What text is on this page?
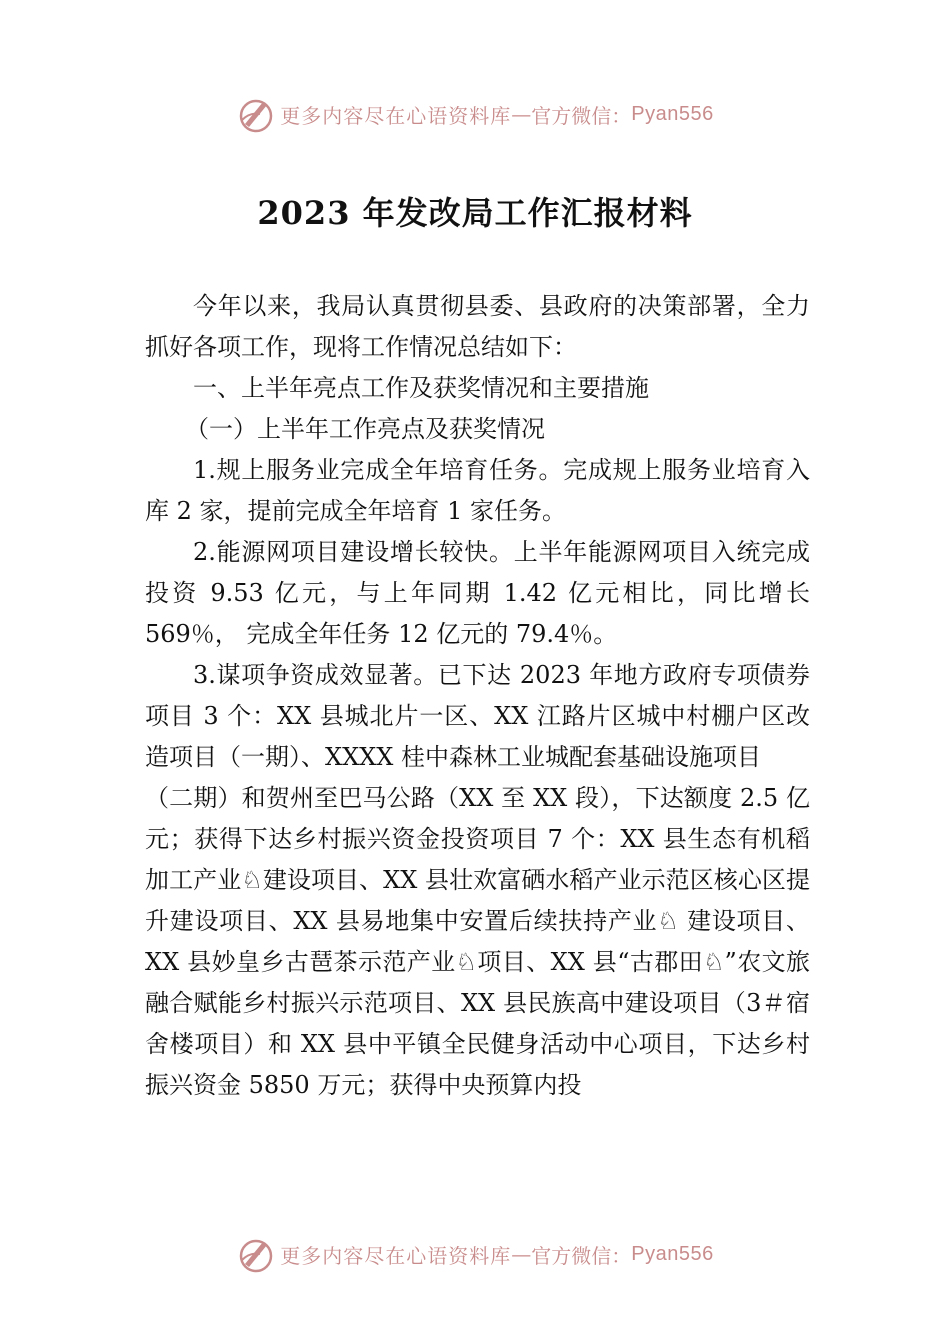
更多内容尽在心语资料库 — 官方微信： Pyan556
2023 年发改局工作汇报材料

今年以来，我局认真贯彻县委、县政府的决策部署，全力抓好各项工作，现将工作情况总结如下：

一、上半年亮点工作及获奖情况和主要措施

（一）上半年工作亮点及获奖情况

1.规上服务业完成全年培育任务。完成规上服务业培育入库 2 家，提前完成全年培育 1 家任务。

2.能源网项目建设增长较快。上半年能源网项目入统完成投资 9.53 亿元，与上年同期 1.42 亿元相比，同比增长 569％， 完成全年任务 12 亿元的 79.4％。

3.谋项争资成效显著。已下达 2023 年地方政府专项债券项目 3 个：XX 县城北片一区、XX 江路片区城中村棚户区改造项目（一期）、XXXX 桂中森林工业城配套基础设施项目

（二期）和贺州至巴马公路（XX 至 XX 段），下达额度 2.5 亿元；获得下达乡村振兴资金投资项目 7 个：XX 县生态有机稻加工产业♘建设项目、XX 县壮欢富硒水稻产业示范区核心区提升建设项目、XX 县易地集中安置后续扶持产业♘ 建设项目、XX 县妙皇乡古琶茶示范产业♘项目、XX 县“古郡田♘”农文旅融合赋能乡村振兴示范项目、XX 县民族高中建设项目（3＃宿舍楼项目）和 XX 县中平镇全民健身活动中心项目，下达乡村振兴资金 5850 万元；获得中央预算内投

更多内容尽在心语资料库 — 官方微信： Pyan556
